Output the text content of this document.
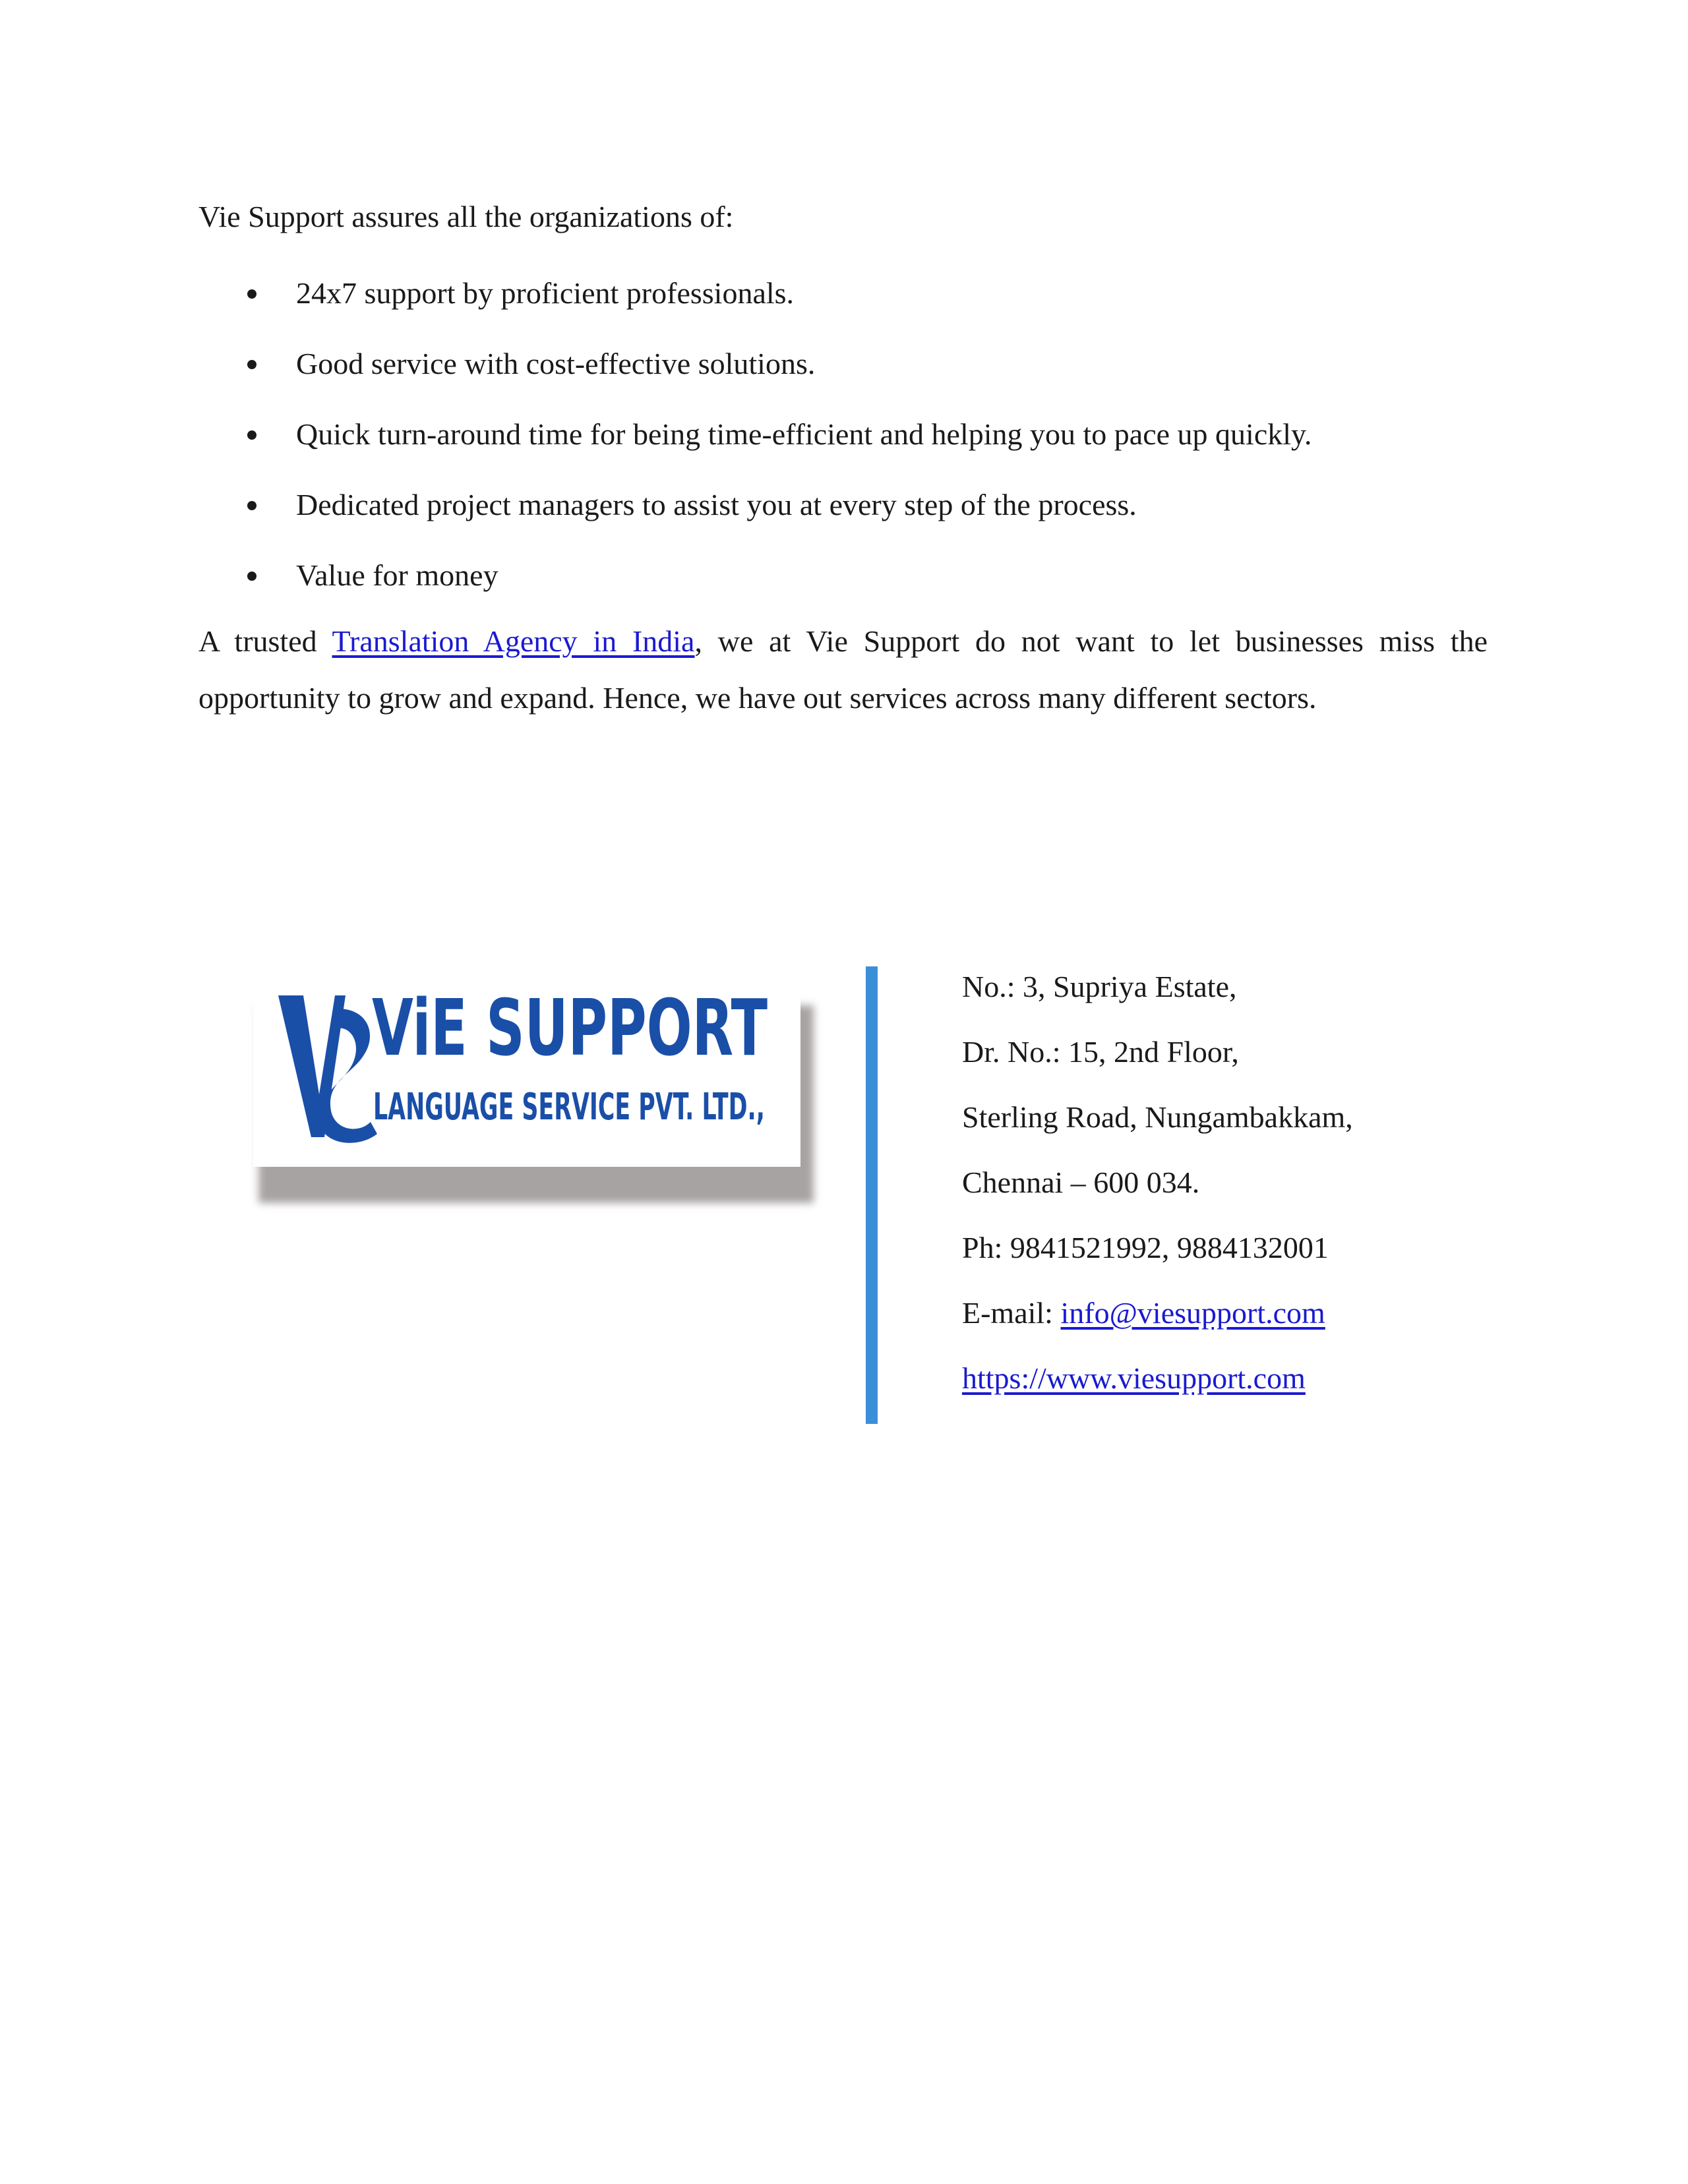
Vie Support assures all the organizations of:
24x7 support by proficient professionals.
Good service with cost-effective solutions.
Quick turn-around time for being time-efficient and helping you to pace up quickly.
Dedicated project managers to assist you at every step of the process.
Value for money
A trusted Translation Agency in India, we at Vie Support do not want to let businesses miss the
opportunity to grow and expand. Hence, we have out services across many different sectors.
ViE SUPPORT
LANGUAGE SERVICE PVT. LTD.,
No.: 3, Supriya Estate,
Dr. No.: 15, 2nd Floor,
Sterling Road, Nungambakkam,
Chennai – 600 034.
Ph: 9841521992, 9884132001
E-mail: info@viesupport.com
https://www.viesupport.com
